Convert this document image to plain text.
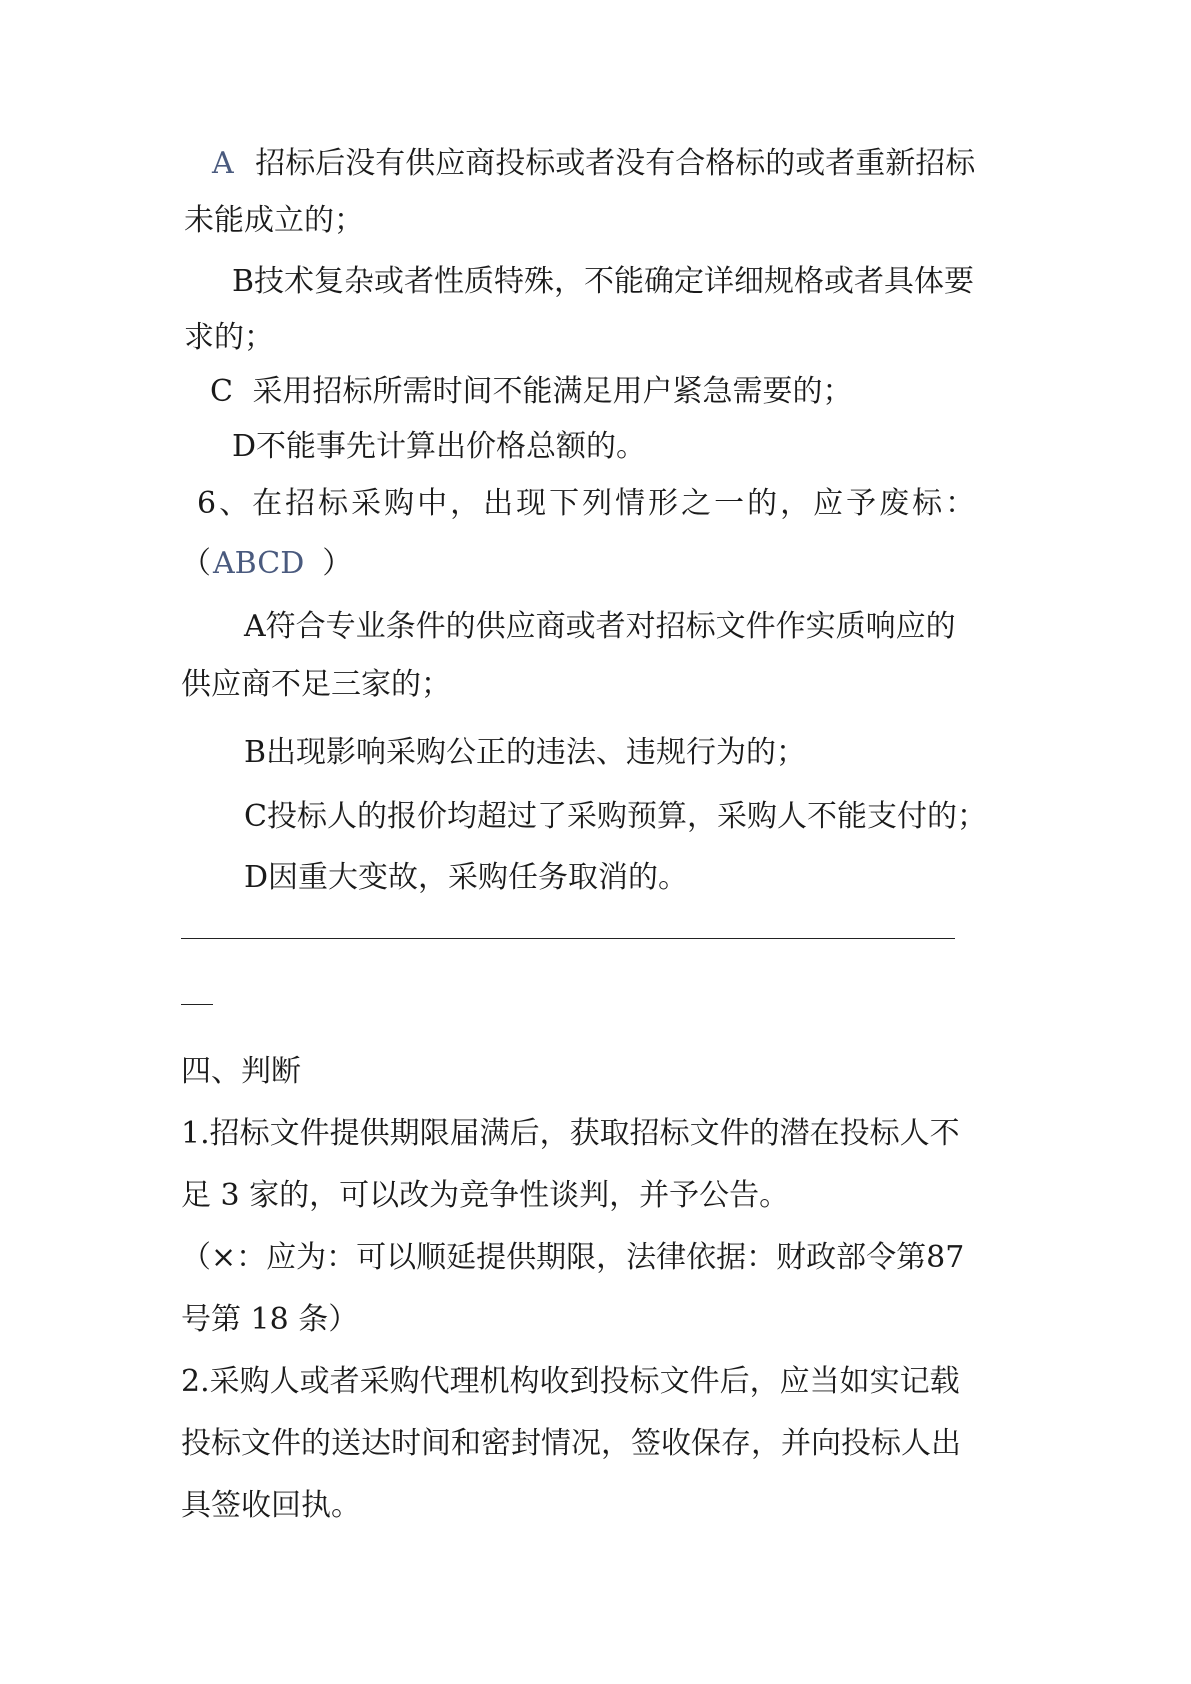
A 招标后没有供应商投标或者没有合格标的或者重新招标
未能成立的；
B技术复杂或者性质特殊，不能确定详细规格或者具体要
求的；
C 采用招标所需时间不能满足用户紧急需要的；
D不能事先计算出价格总额的。
6、在招标采购中，出现下列情形之一的，应予废标：
（ABCD ）
A符合专业条件的供应商或者对招标文件作实质响应的
供应商不足三家的；
B出现影响采购公正的违法、违规行为的；
C投标人的报价均超过了采购预算，采购人不能支付的；
D因重大变故，采购任务取消的。
四、判断
1.招标文件提供期限届满后，获取招标文件的潜在投标人不
足 3 家的，可以改为竞争性谈判，并予公告。
（×：应为：可以顺延提供期限，法律依据：财政部令第87
号第 18 条）
2.采购人或者采购代理机构收到投标文件后，应当如实记载
投标文件的送达时间和密封情况，签收保存，并向投标人出
具签收回执。
